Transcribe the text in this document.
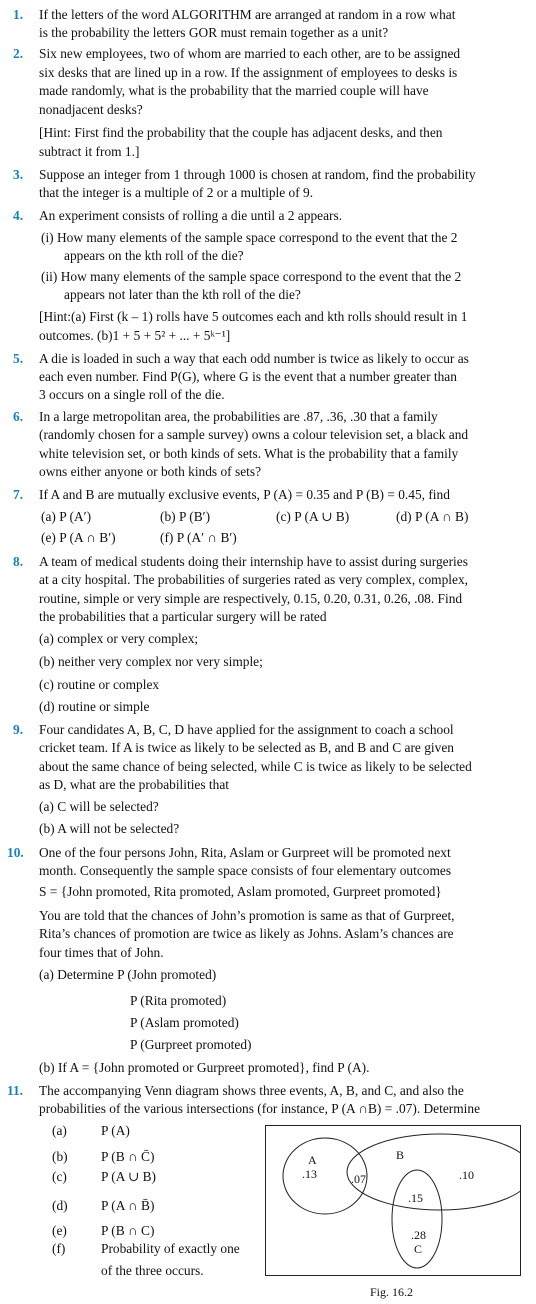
1. If the letters of the word ALGORITHM are arranged at random in a row what
is the probability the letters GOR must remain together as a unit?
2. Six new employees, two of whom are married to each other, are to be assigned
six desks that are lined up in a row. If the assignment of employees to desks is
made randomly, what is the probability that the married couple will have
nonadjacent desks?
[Hint: First find the probability that the couple has adjacent desks, and then
subtract it from 1.]
3. Suppose an integer from 1 through 1000 is chosen at random, find the probability
that the integer is a multiple of 2 or a multiple of 9.
4. An experiment consists of rolling a die until a 2 appears.
(i) How many elements of the sample space correspond to the event that the 2
appears on the kth roll of the die?
(ii) How many elements of the sample space correspond to the event that the 2
appears not later than the kth roll of the die?
[Hint:(a) First (k – 1) rolls have 5 outcomes each and kth rolls should result in 1
outcomes. (b)1 + 5 + 5² + ... + 5ᵏ⁻¹]
5. A die is loaded in such a way that each odd number is twice as likely to occur as
each even number. Find P(G), where G is the event that a number greater than
3 occurs on a single roll of the die.
6. In a large metropolitan area, the probabilities are .87, .36, .30 that a family
(randomly chosen for a sample survey) owns a colour television set, a black and
white television set, or both kinds of sets. What is the probability that a family
owns either anyone or both kinds of sets?
7. If A and B are mutually exclusive events, P (A) = 0.35 and P (B) = 0.45, find
(a) P (A′)	(b) P (B′)	(c) P (A ∪ B)	(d) P (A ∩ B)
(e) P (A ∩ B′)	(f) P (A′ ∩ B′)
8. A team of medical students doing their internship have to assist during surgeries
at a city hospital. The probabilities of surgeries rated as very complex, complex,
routine, simple or very simple are respectively, 0.15, 0.20, 0.31, 0.26, .08. Find
the probabilities that a particular surgery will be rated
(a) complex or very complex;
(b) neither very complex nor very simple;
(c) routine or complex
(d) routine or simple
9. Four candidates A, B, C, D have applied for the assignment to coach a school
cricket team. If A is twice as likely to be selected as B, and B and C are given
about the same chance of being selected, while C is twice as likely to be selected
as D, what are the probabilities that
(a) C will be selected?
(b) A will not be selected?
10. One of the four persons John, Rita, Aslam or Gurpreet will be promoted next
month. Consequently the sample space consists of four elementary outcomes
S = {John promoted, Rita promoted, Aslam promoted, Gurpreet promoted}
You are told that the chances of John’s promotion is same as that of Gurpreet,
Rita’s chances of promotion are twice as likely as Johns. Aslam’s chances are
four times that of John.
(a) Determine P (John promoted)
P (Rita promoted)
P (Aslam promoted)
P (Gurpreet promoted)
(b) If A = {John promoted or Gurpreet promoted}, find P (A).
11. The accompanying Venn diagram shows three events, A, B, and C, and also the
probabilities of the various intersections (for instance, P (A ∩B) = .07). Determine
(a)	P (A)
(b) P (B ∩ C̄)
(c)	P (A ∪ B)
(d) P (A ∩ B̄)
(e)	P (B ∩ C)
(f)	Probability of exactly one
of the three occurs.
A
.13	.07
B
.10
.15
.28
C
Fig. 16.2
